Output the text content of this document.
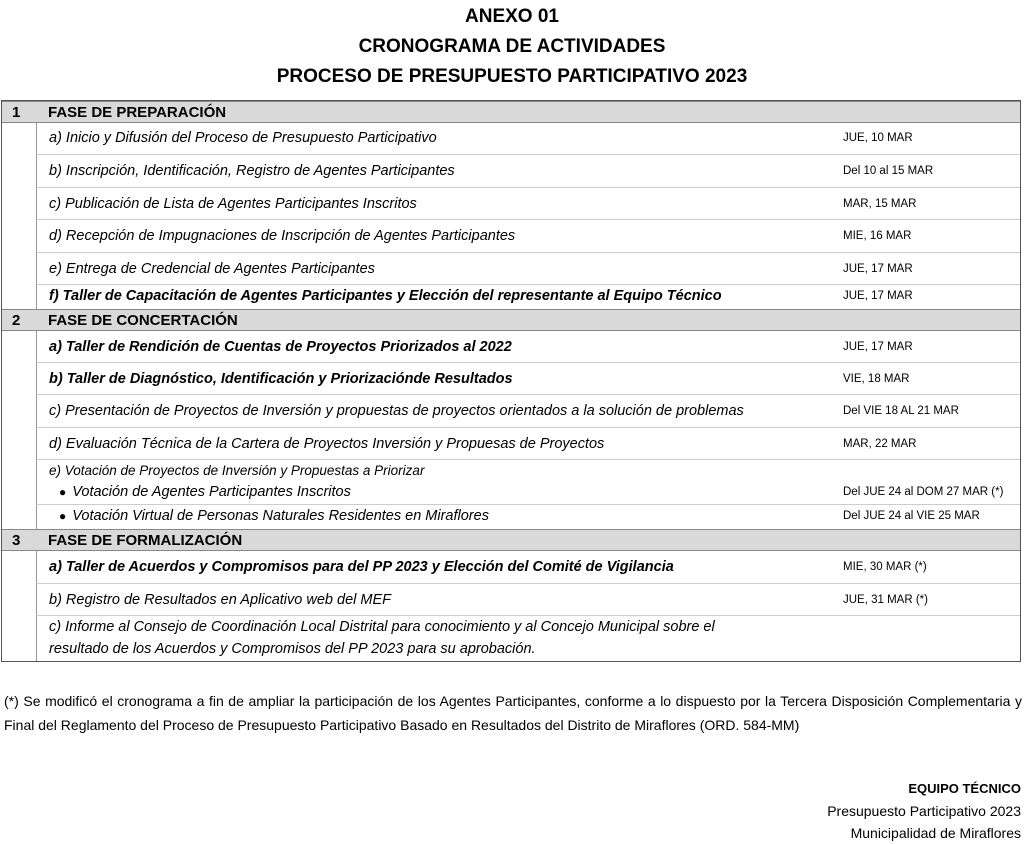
ANEXO 01
CRONOGRAMA DE ACTIVIDADES
PROCESO DE PRESUPUESTO PARTICIPATIVO 2023
1 FASE DE PREPARACIÓN
a) Inicio y Difusión del Proceso de Presupuesto Participativo	JUE, 10 MAR
b) Inscripción, Identificación, Registro de Agentes Participantes	Del 10 al 15 MAR
c) Publicación de Lista de Agentes Participantes Inscritos	MAR, 15 MAR
d) Recepción de Impugnaciones de Inscripción de Agentes Participantes	MIE, 16 MAR
e) Entrega de Credencial de Agentes Participantes	JUE, 17 MAR
f) Taller de Capacitación de Agentes Participantes y Elección del representante al Equipo Técnico	JUE, 17 MAR
2 FASE DE CONCERTACIÓN
a) Taller de Rendición de Cuentas de Proyectos Priorizados al 2022	JUE, 17 MAR
b) Taller de Diagnóstico, Identificación y Priorizaciónde Resultados	VIE, 18 MAR
c) Presentación de Proyectos de Inversión y propuestas de proyectos orientados a la solución de problemas	Del VIE 18 AL 21 MAR
d) Evaluación Técnica de la Cartera de Proyectos Inversión y Propuesas de Proyectos	MAR, 22 MAR
e) Votación de Proyectos de Inversión y Propuestas a Priorizar
● Votación de Agentes Participantes Inscritos	Del JUE 24 al DOM 27 MAR (*)
● Votación Virtual de Personas Naturales Residentes en Miraflores	Del JUE 24 al VIE 25 MAR
3 FASE DE FORMALIZACIÓN
a) Taller de Acuerdos y Compromisos para del PP 2023 y Elección del Comité de Vigilancia	MIE, 30 MAR (*)
b) Registro de Resultados en Aplicativo web del MEF	JUE, 31 MAR (*)
c) Informe al Consejo de Coordinación Local Distrital para conocimiento y al Concejo Municipal sobre el
resultado de los Acuerdos y Compromisos del PP 2023 para su aprobación.
(*) Se modificó el cronograma a fin de ampliar la participación de los Agentes Participantes, conforme a lo dispuesto por la Tercera Disposición Complementaria y Final del Reglamento del Proceso de Presupuesto Participativo Basado en Resultados del Distrito de Miraflores (ORD. 584-MM)
EQUIPO TÉCNICO
Presupuesto Participativo 2023
Municipalidad de Miraflores
